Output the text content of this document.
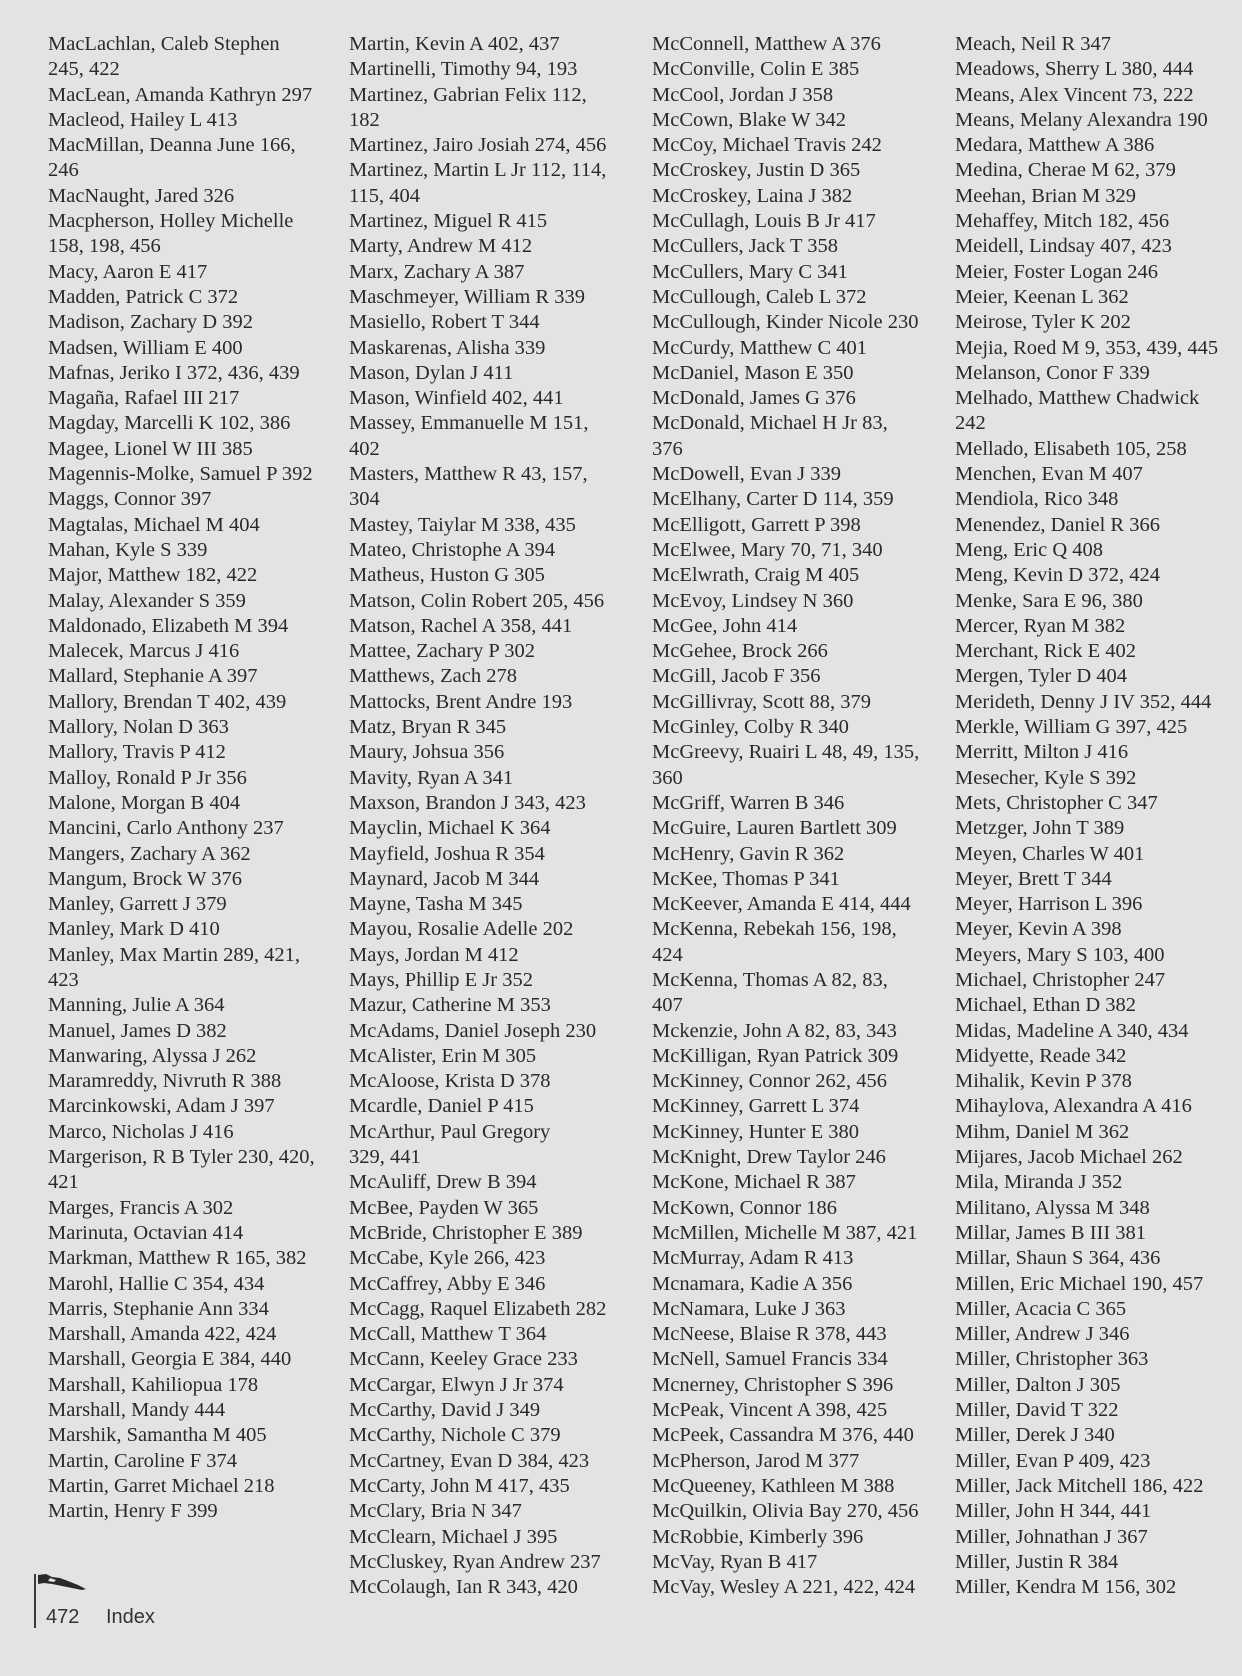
MacLachlan, Caleb Stephen
245, 422
MacLean, Amanda Kathryn 297
Macleod, Hailey L 413
MacMillan, Deanna June 166,
246
MacNaught, Jared 326
Macpherson, Holley Michelle
158, 198, 456
Macy, Aaron E 417
Madden, Patrick C 372
Madison, Zachary D 392
Madsen, William E 400
Mafnas, Jeriko I 372, 436, 439
Magaña, Rafael III 217
Magday, Marcelli K 102, 386
Magee, Lionel W III 385
Magennis-Molke, Samuel P 392
Maggs, Connor 397
Magtalas, Michael M 404
Mahan, Kyle S 339
Major, Matthew 182, 422
Malay, Alexander S 359
Maldonado, Elizabeth M 394
Malecek, Marcus J 416
Mallard, Stephanie A 397
Mallory, Brendan T 402, 439
Mallory, Nolan D 363
Mallory, Travis P 412
Malloy, Ronald P Jr 356
Malone, Morgan B 404
Mancini, Carlo Anthony 237
Mangers, Zachary A 362
Mangum, Brock W 376
Manley, Garrett J 379
Manley, Mark D 410
Manley, Max Martin 289, 421,
423
Manning, Julie A 364
Manuel, James D 382
Manwaring, Alyssa J 262
Maramreddy, Nivruth R 388
Marcinkowski, Adam J 397
Marco, Nicholas J 416
Margerison, R B Tyler 230, 420,
421
Marges, Francis A 302
Marinuta, Octavian 414
Markman, Matthew R 165, 382
Marohl, Hallie C 354, 434
Marris, Stephanie Ann 334
Marshall, Amanda 422, 424
Marshall, Georgia E 384, 440
Marshall, Kahiliopua 178
Marshall, Mandy 444
Marshik, Samantha M 405
Martin, Caroline F 374
Martin, Garret Michael 218
Martin, Henry F 399
Martin, Kevin A 402, 437
Martinelli, Timothy 94, 193
Martinez, Gabrian Felix 112,
182
Martinez, Jairo Josiah 274, 456
Martinez, Martin L Jr 112, 114,
115, 404
Martinez, Miguel R 415
Marty, Andrew M 412
Marx, Zachary A 387
Maschmeyer, William R 339
Masiello, Robert T 344
Maskarenas, Alisha 339
Mason, Dylan J 411
Mason, Winfield 402, 441
Massey, Emmanuelle M 151,
402
Masters, Matthew R 43, 157,
304
Mastey, Taiylar M 338, 435
Mateo, Christophe A 394
Matheus, Huston G 305
Matson, Colin Robert 205, 456
Matson, Rachel A 358, 441
Mattee, Zachary P 302
Matthews, Zach 278
Mattocks, Brent Andre 193
Matz, Bryan R 345
Maury, Johsua 356
Mavity, Ryan A 341
Maxson, Brandon J 343, 423
Mayclin, Michael K 364
Mayfield, Joshua R 354
Maynard, Jacob M 344
Mayne, Tasha M 345
Mayou, Rosalie Adelle 202
Mays, Jordan M 412
Mays, Phillip E Jr 352
Mazur, Catherine M 353
McAdams, Daniel Joseph 230
McAlister, Erin M 305
McAloose, Krista D 378
Mcardle, Daniel P 415
McArthur, Paul Gregory
329, 441
McAuliff, Drew B 394
McBee, Payden W 365
McBride, Christopher E 389
McCabe, Kyle 266, 423
McCaffrey, Abby E 346
McCagg, Raquel Elizabeth 282
McCall, Matthew T 364
McCann, Keeley Grace 233
McCargar, Elwyn J Jr 374
McCarthy, David J 349
McCarthy, Nichole C 379
McCartney, Evan D 384, 423
McCarty, John M 417, 435
McClary, Bria N 347
McClearn, Michael J 395
McCluskey, Ryan Andrew 237
McColaugh, Ian R 343, 420
McConnell, Matthew A 376
McConville, Colin E 385
McCool, Jordan J 358
McCown, Blake W 342
McCoy, Michael Travis 242
McCroskey, Justin D 365
McCroskey, Laina J 382
McCullagh, Louis B Jr 417
McCullers, Jack T 358
McCullers, Mary C 341
McCullough, Caleb L 372
McCullough, Kinder Nicole 230
McCurdy, Matthew C 401
McDaniel, Mason E 350
McDonald, James G 376
McDonald, Michael H Jr 83,
376
McDowell, Evan J 339
McElhany, Carter D 114, 359
McElligott, Garrett P 398
McElwee, Mary 70, 71, 340
McElwrath, Craig M 405
McEvoy, Lindsey N 360
McGee, John 414
McGehee, Brock 266
McGill, Jacob F 356
McGillivray, Scott 88, 379
McGinley, Colby R 340
McGreevy, Ruairi L 48, 49, 135,
360
McGriff, Warren B 346
McGuire, Lauren Bartlett 309
McHenry, Gavin R 362
McKee, Thomas P 341
McKeever, Amanda E 414, 444
McKenna, Rebekah 156, 198,
424
McKenna, Thomas A 82, 83,
407
Mckenzie, John A 82, 83, 343
McKilligan, Ryan Patrick 309
McKinney, Connor 262, 456
McKinney, Garrett L 374
McKinney, Hunter E 380
McKnight, Drew Taylor 246
McKone, Michael R 387
McKown, Connor 186
McMillen, Michelle M 387, 421
McMurray, Adam R 413
Mcnamara, Kadie A 356
McNamara, Luke J 363
McNeese, Blaise R 378, 443
McNell, Samuel Francis 334
Mcnerney, Christopher S 396
McPeak, Vincent A 398, 425
McPeek, Cassandra M 376, 440
McPherson, Jarod M 377
McQueeney, Kathleen M 388
McQuilkin, Olivia Bay 270, 456
McRobbie, Kimberly 396
McVay, Ryan B 417
McVay, Wesley A 221, 422, 424
Meach, Neil R 347
Meadows, Sherry L 380, 444
Means, Alex Vincent 73, 222
Means, Melany Alexandra 190
Medara, Matthew A 386
Medina, Cherae M 62, 379
Meehan, Brian M 329
Mehaffey, Mitch 182, 456
Meidell, Lindsay 407, 423
Meier, Foster Logan 246
Meier, Keenan L 362
Meirose, Tyler K 202
Mejia, Roed M 9, 353, 439, 445
Melanson, Conor F 339
Melhado, Matthew Chadwick
242
Mellado, Elisabeth 105, 258
Menchen, Evan M 407
Mendiola, Rico 348
Menendez, Daniel R 366
Meng, Eric Q 408
Meng, Kevin D 372, 424
Menke, Sara E 96, 380
Mercer, Ryan M 382
Merchant, Rick E 402
Mergen, Tyler D 404
Merideth, Denny J IV 352, 444
Merkle, William G 397, 425
Merritt, Milton J 416
Mesecher, Kyle S 392
Mets, Christopher C 347
Metzger, John T 389
Meyen, Charles W 401
Meyer, Brett T 344
Meyer, Harrison L 396
Meyer, Kevin A 398
Meyers, Mary S 103, 400
Michael, Christopher 247
Michael, Ethan D 382
Midas, Madeline A 340, 434
Midyette, Reade 342
Mihalik, Kevin P 378
Mihaylova, Alexandra A 416
Mihm, Daniel M 362
Mijares, Jacob Michael 262
Mila, Miranda J 352
Militano, Alyssa M 348
Millar, James B III 381
Millar, Shaun S 364, 436
Millen, Eric Michael 190, 457
Miller, Acacia C 365
Miller, Andrew J 346
Miller, Christopher 363
Miller, Dalton J 305
Miller, David T 322
Miller, Derek J 340
Miller, Evan P 409, 423
Miller, Jack Mitchell 186, 422
Miller, John H 344, 441
Miller, Johnathan J 367
Miller, Justin R 384
Miller, Kendra M 156, 302
472 Index
